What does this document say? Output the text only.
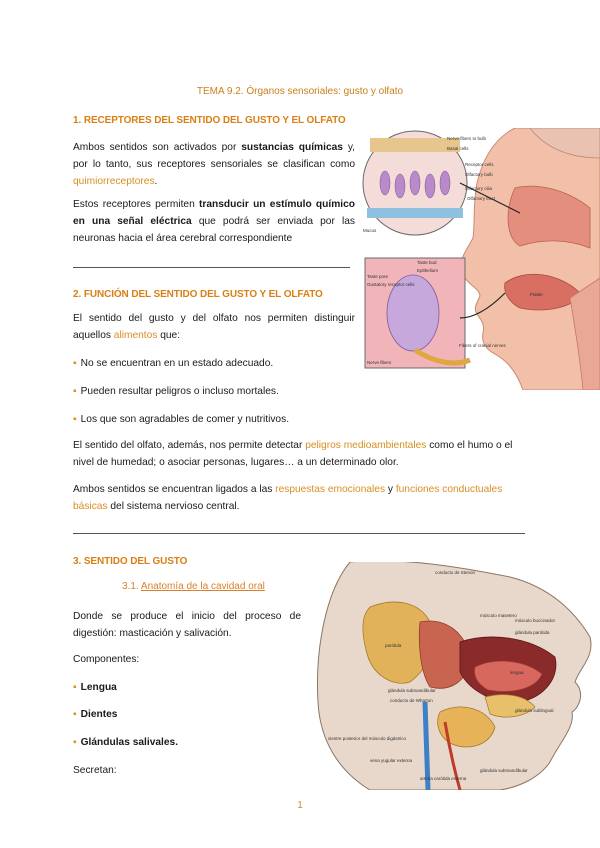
TEMA 9.2. Órganos sensoriales: gusto y olfato
1. RECEPTORES DEL SENTIDO DEL GUSTO Y EL OLFATO
Ambos sentidos son activados por sustancias químicas y, por lo tanto, sus receptores sensoriales se clasifican como quimiorreceptores.
Estos receptores permiten transducir un estímulo químico en una señal eléctrica que podrá ser enviada por las neuronas hacia el área cerebral correspondiente
2. FUNCIÓN DEL SENTIDO DEL GUSTO Y EL OLFATO
El sentido del gusto y del olfato nos permiten distinguir aquellos alimentos que:
▪ No se encuentran en un estado adecuado.
▪ Pueden resultar peligros o incluso mortales.
▪ Los que son agradables de comer y nutritivos.
El sentido del olfato, además, nos permite detectar peligros medioambientales como el humo o el nivel de humedad; o asociar personas, lugares… a un determinado olor.
Ambos sentidos se encuentran ligados a las respuestas emocionales y funciones conductuales básicas del sistema nervioso central.
3. SENTIDO DEL GUSTO
3.1. Anatomía de la cavidad oral
Donde se produce el inicio del proceso de digestión: masticación y salivación.
Componentes:
▪ Lengua
▪ Dientes
▪ Glándulas salivales.
Secretan:
Nerve fibers to bulb
Basal cells
Receptor cells
Olfactory cilia
Mucus
Olfactory bulb
Olfactory tract
Taste bud
Epithelium
Palate
Gustatory receptor cells
Taste pore
Nerve fibers
Fibers of cranial nerves
conducto de Stenon
músculo masetero
glándula parótida
parótida
músculo buccinador
lengua
glándula sublingual
glándula submandibular
conducto de Wharton
vientre posterior del músculo digástrico
vena yugular externa
arteria carótida externa
glándula submandibular
1
